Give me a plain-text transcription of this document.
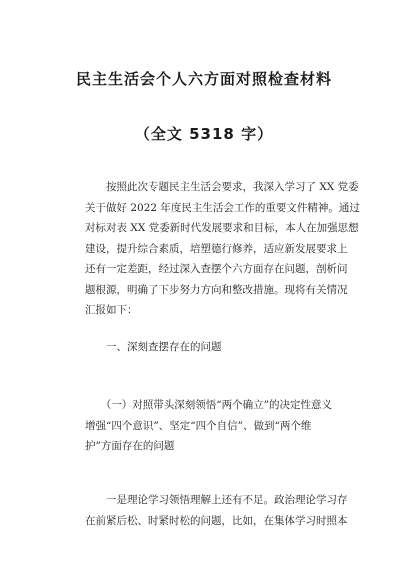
民主生活会个人六方面对照检查材料
（全文 5318 字）

　　按照此次专题民主生活会要求，我深入学习了 XX 党委
关于做好 2022 年度民主生活会工作的重要文件精神。通过
对标对表 XX 党委新时代发展要求和目标，本人在加强思想
建设，提升综合素质，培塑德行修养，适应新发展要求上
还有一定差距，经过深入查摆个六方面存在问题，剖析问
题根源，明确了下步努力方向和整改措施。现将有关情况
汇报如下：

　　一、深刻查摆存在的问题

　　（一）对照带头深刻领悟“两个确立”的决定性意义
增强“四个意识”、坚定“四个自信”、做到“两个维
护”方面存在的问题

　　一是理论学习领悟理解上还有不足。政治理论学习存
在前紧后松、时紧时松的问题，比如，在集体学习时照本
